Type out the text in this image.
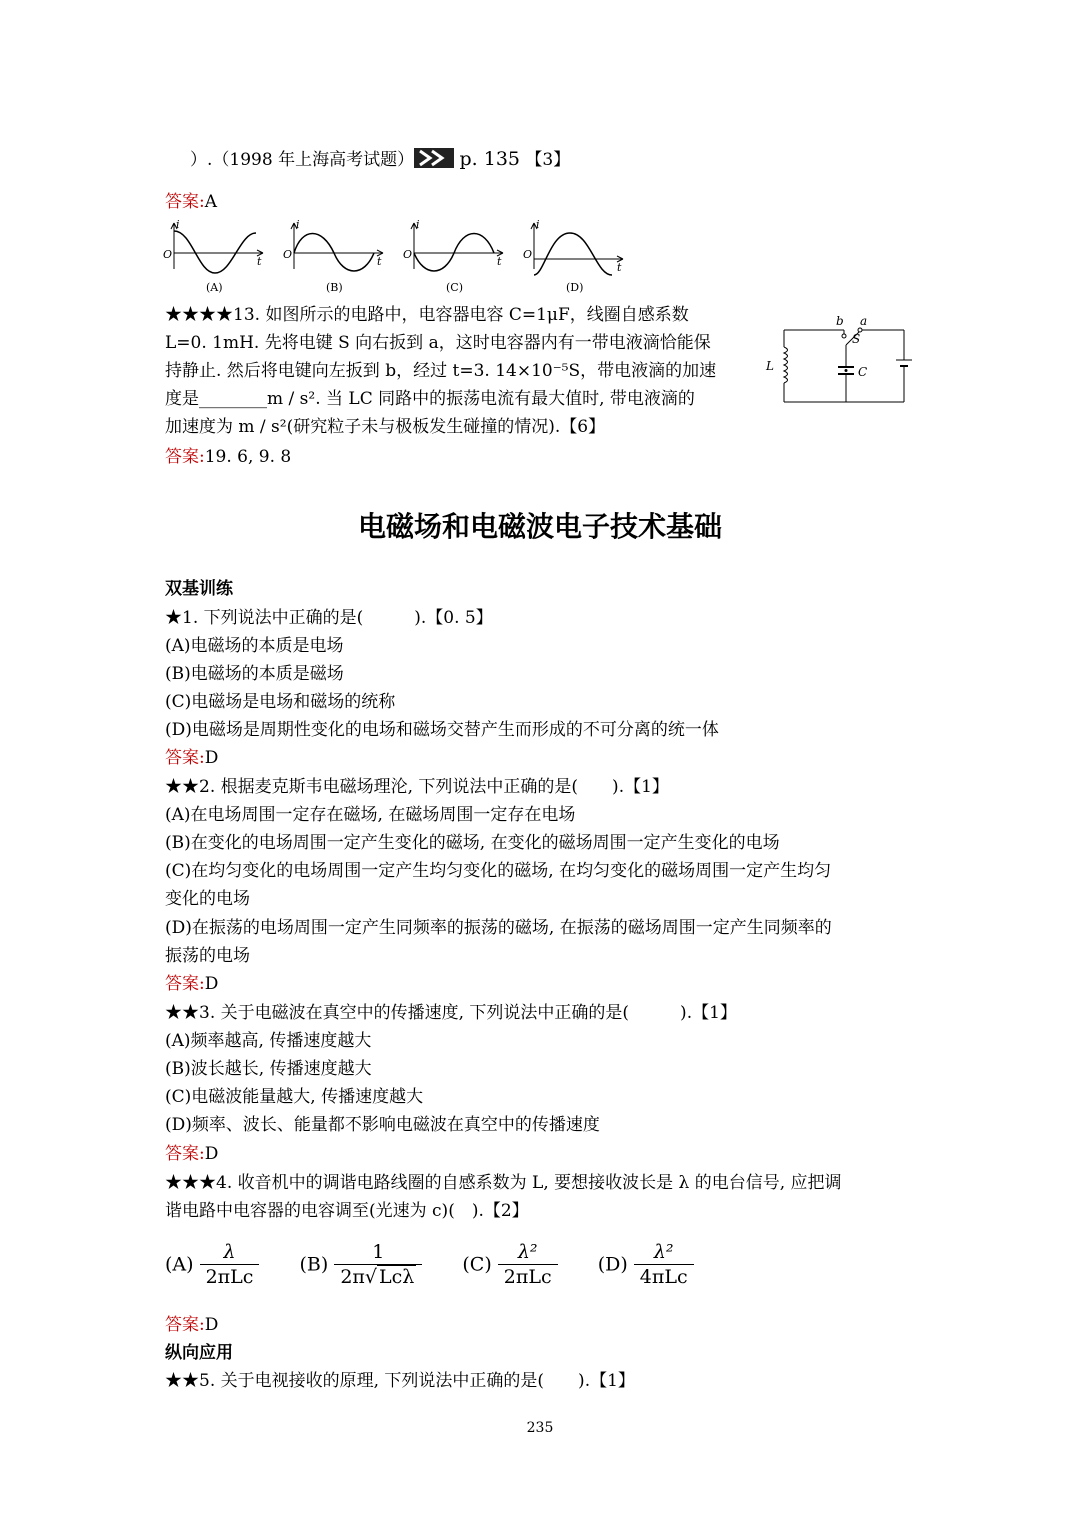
）.（1998 年上海高考试题） p. 135 【3】
答案:A
i
O
t
(A)
i
O
t
(B)
i
O
t
(C)
i
O
t
(D)
★★★★13. 如图所示的电路中，电容器电容 C=1μF，线圈自感系数
L=0. 1mH. 先将电键 S 向右扳到 a，这时电容器内有一带电液滴恰能保
持静止. 然后将电键向左扳到 b，经过 t=3. 14×10⁻⁵S，带电液滴的加速
度是________m / s². 当 LC 同路中的振荡电流有最大值时, 带电液滴的
加速度为 m / s²(研究粒子未与极板发生碰撞的情况).【6】
答案:19. 6, 9. 8
b a
S
L	C
电磁场和电磁波电子技术基础
双基训练
★1. 下列说法中正确的是(　　　).【0. 5】
(A)电磁场的本质是电场
(B)电磁场的本质是磁场
(C)电磁场是电场和磁场的统称
(D)电磁场是周期性变化的电场和磁场交替产生而形成的不可分离的统一体
答案:D
★★2. 根据麦克斯韦电磁场理沦, 下列说法中正确的是(　　).【1】
(A)在电场周围一定存在磁场, 在磁场周围一定存在电场
(B)在变化的电场周围一定产生变化的磁场, 在变化的磁场周围一定产生变化的电场
(C)在均匀变化的电场周围一定产生均匀变化的磁场, 在均匀变化的磁场周围一定产生均匀
变化的电场
(D)在振荡的电场周围一定产生同频率的振荡的磁场, 在振荡的磁场周围一定产生同频率的
振荡的电场
答案:D
★★3. 关于电磁波在真空中的传播速度, 下列说法中正确的是(　　　).【1】
(A)频率越高, 传播速度越大
(B)波长越长, 传播速度越大
(C)电磁波能量越大, 传播速度越大
(D)频率、波长、能量都不影响电磁波在真空中的传播速度
答案:D
★★★4. 收音机中的调谐电路线圈的自感系数为 L, 要想接收波长是 λ 的电台信号, 应把调
谐电路中电容器的电容调至(光速为 c)(　).【2】
(A)
λ
2πLc
(B)
1
2π√ Lcλ
(C)
λ²
2πLc
(D)
λ²
4πLc
答案:D
纵向应用
★★5. 关于电视接收的原理, 下列说法中正确的是(　　).【1】
235
